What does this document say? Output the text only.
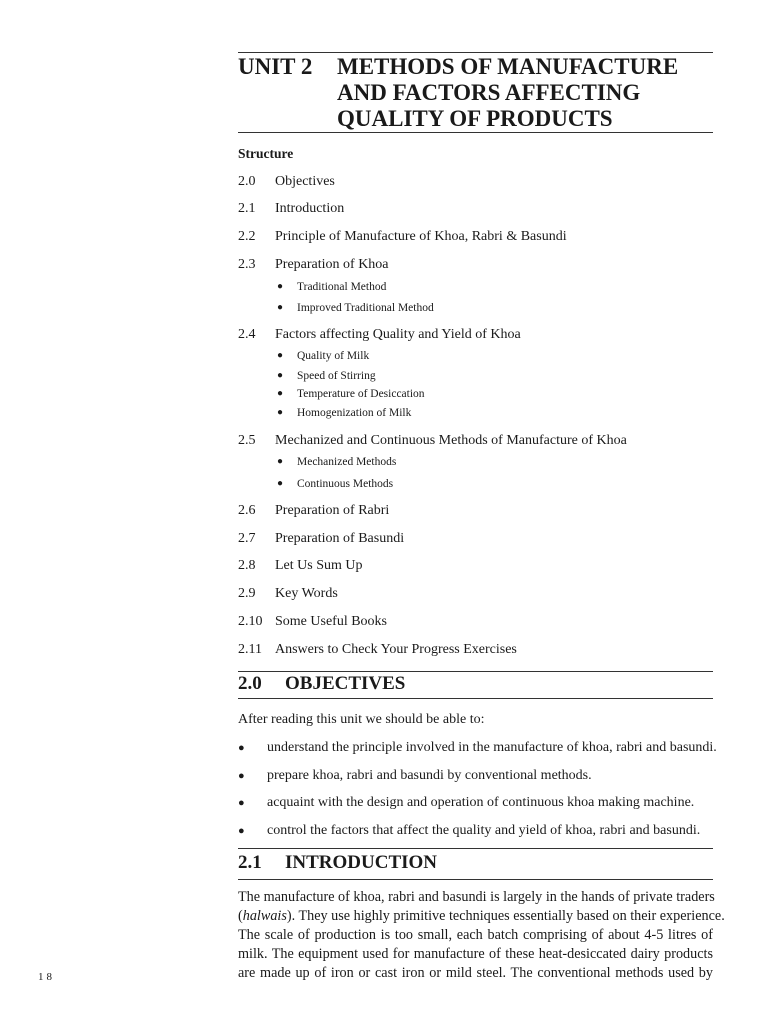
UNIT 2 METHODS OF MANUFACTURE
AND FACTORS AFFECTING
QUALITY OF PRODUCTS
Structure
2.0 Objectives
2.1 Introduction
2.2 Principle of Manufacture of Khoa, Rabri & Basundi
2.3 Preparation of Khoa
● Traditional Method
● Improved Traditional Method
2.4 Factors affecting Quality and Yield of Khoa
● Quality of Milk
● Speed of Stirring
● Temperature of Desiccation
● Homogenization of Milk
2.5 Mechanized and Continuous Methods of Manufacture of Khoa
● Mechanized Methods
● Continuous Methods
2.6 Preparation of Rabri
2.7 Preparation of Basundi
2.8 Let Us Sum Up
2.9 Key Words
2.10 Some Useful Books
2.11 Answers to Check Your Progress Exercises
2.0 OBJECTIVES
After reading this unit we should be able to:
● understand the principle involved in the manufacture of khoa, rabri and basundi.
● prepare khoa, rabri and basundi by conventional methods.
● acquaint with the design and operation of continuous khoa making machine.
● control the factors that affect the quality and yield of khoa, rabri and basundi.
2.1 INTRODUCTION
The manufacture of khoa, rabri and basundi is largely in the hands of private traders
(halwais). They use highly primitive techniques essentially based on their experience.
The scale of production is too small, each batch comprising of about 4-5 litres of
milk. The equipment used for manufacture of these heat-desiccated dairy products
are made up of iron or cast iron or mild steel. The conventional methods used by
18
